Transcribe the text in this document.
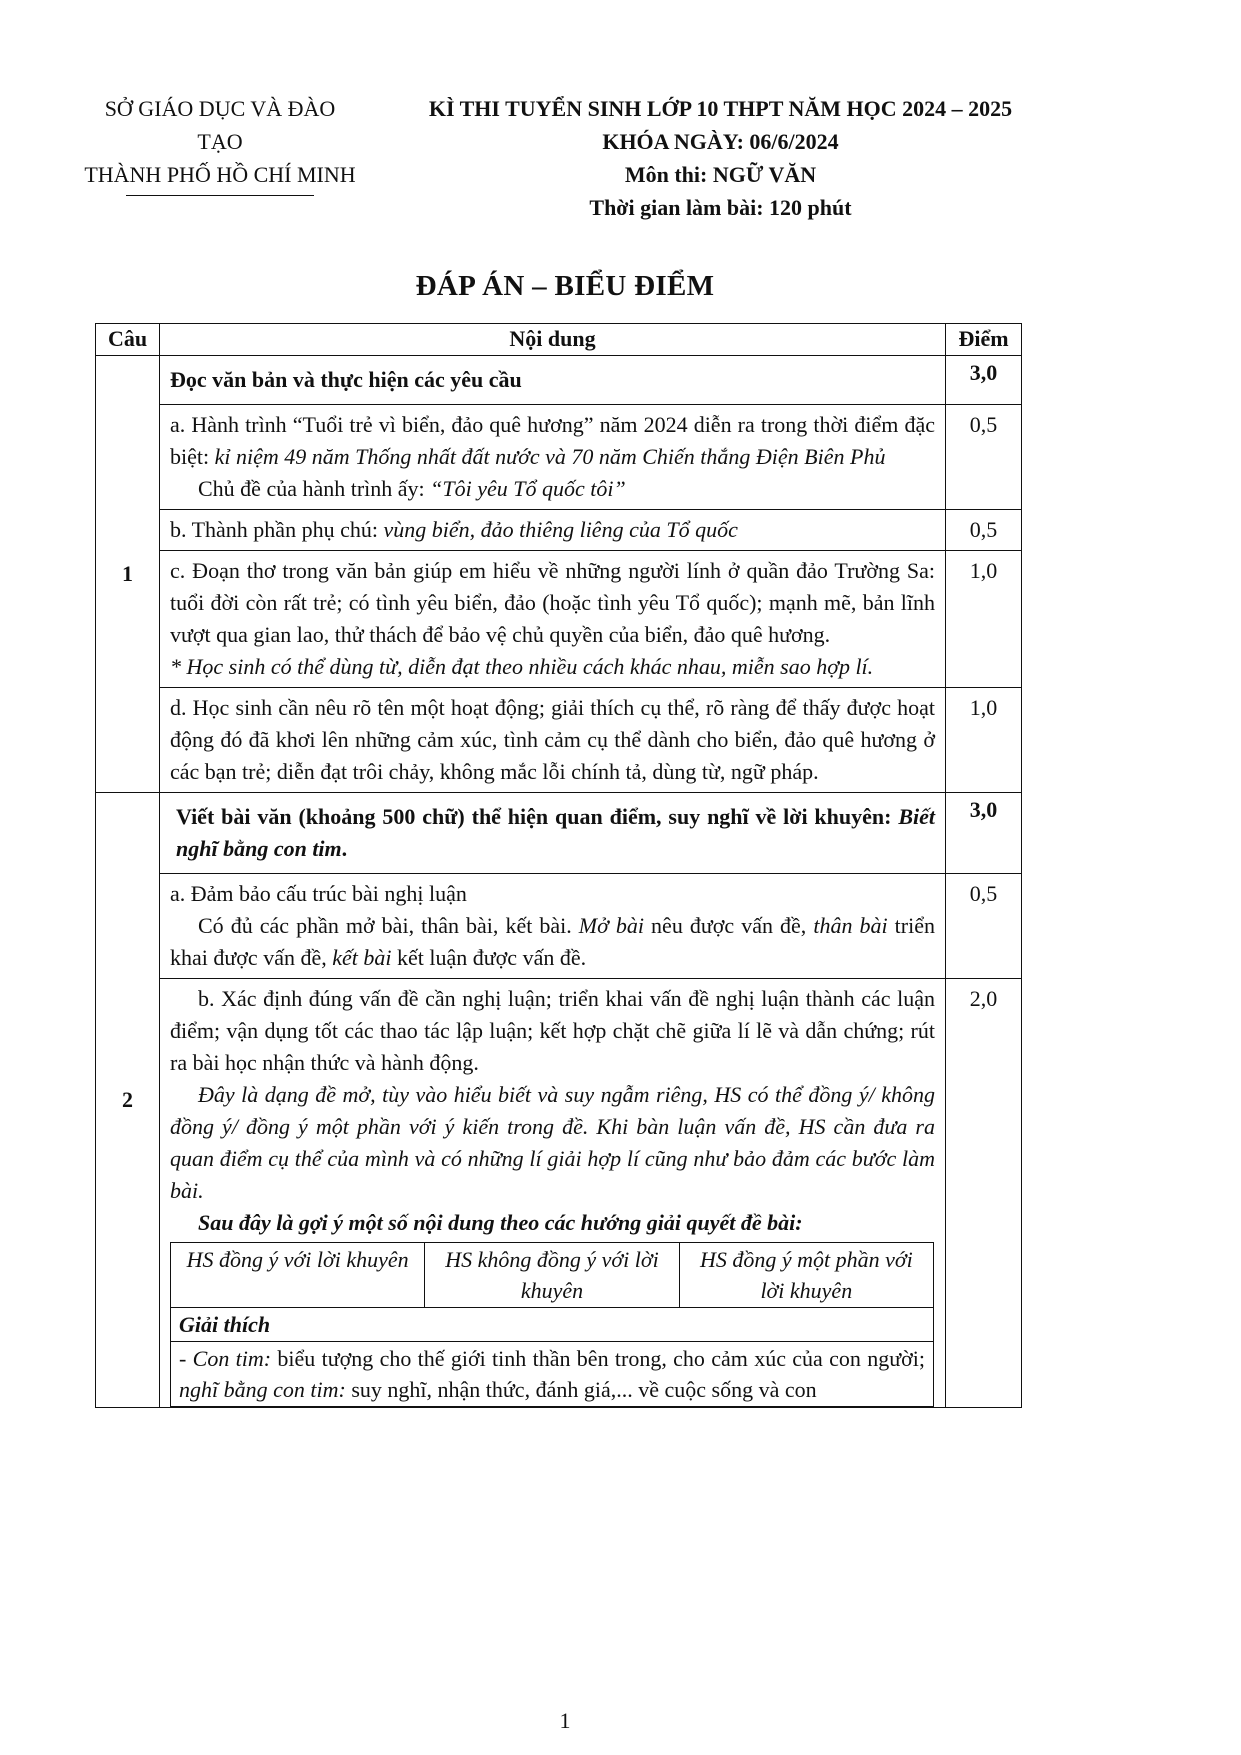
SỞ GIÁO DỤC VÀ ĐÀO TẠO
THÀNH PHỐ HỒ CHÍ MINH
KÌ THI TUYỂN SINH LỚP 10 THPT NĂM HỌC 2024 – 2025
KHÓA NGÀY: 06/6/2024
Môn thi: NGỮ VĂN
Thời gian làm bài: 120 phút
ĐÁP ÁN – BIỂU ĐIỂM
Câu	Nội dung	Điểm
1	Đọc văn bản và thực hiện các yêu cầu	3,0

a. Hành trình “Tuổi trẻ vì biển, đảo quê hương” năm 2024 diễn ra trong thời điểm đặc biệt: kỉ niệm 49 năm Thống nhất đất nước và 70 năm Chiến thắng Điện Biên Phủ
Chủ đề của hành trình ấy: “Tôi yêu Tổ quốc tôi”
	0,5
b. Thành phần phụ chú: vùng biển, đảo thiêng liêng của Tổ quốc	0,5

c. Đoạn thơ trong văn bản giúp em hiểu về những người lính ở quần đảo Trường Sa: tuổi đời còn rất trẻ; có tình yêu biển, đảo (hoặc tình yêu Tổ quốc); mạnh mẽ, bản lĩnh vượt qua gian lao, thử thách để bảo vệ chủ quyền của biển, đảo quê hương.
* Học sinh có thể dùng từ, diễn đạt theo nhiều cách khác nhau, miễn sao hợp lí.
	1,0
d. Học sinh cần nêu rõ tên một hoạt động; giải thích cụ thể, rõ ràng để thấy được hoạt động đó đã khơi lên những cảm xúc, tình cảm cụ thể dành cho biển, đảo quê hương ở các bạn trẻ; diễn đạt trôi chảy, không mắc lỗi chính tả, dùng từ, ngữ pháp.	1,0
2	Viết bài văn (khoảng 500 chữ) thể hiện quan điểm, suy nghĩ về lời khuyên: Biết nghĩ bằng con tim.	3,0

a. Đảm bảo cấu trúc bài nghị luận
Có đủ các phần mở bài, thân bài, kết bài. Mở bài nêu được vấn đề, thân bài triển khai được vấn đề, kết bài kết luận được vấn đề.
	0,5

b. Xác định đúng vấn đề cần nghị luận; triển khai vấn đề nghị luận thành các luận điểm; vận dụng tốt các thao tác lập luận; kết hợp chặt chẽ giữa lí lẽ và dẫn chứng; rút ra bài học nhận thức và hành động.
Đây là dạng đề mở, tùy vào hiểu biết và suy ngẫm riêng, HS có thể đồng ý/ không đồng ý/ đồng ý một phần với ý kiến trong đề. Khi bàn luận vấn đề, HS cần đưa ra quan điểm cụ thể của mình và có những lí giải hợp lí cũng như bảo đảm các bước làm bài.
Sau đây là gợi ý một số nội dung theo các hướng giải quyết đề bài:
HS đồng ý với lời khuyên	HS không đồng ý với lời khuyên	HS đồng ý một phần với lời khuyên
Giải thích
- Con tim: biểu tượng cho thế giới tinh thần bên trong, cho cảm xúc của con người; nghĩ bằng con tim: suy nghĩ, nhận thức, đánh giá,... về cuộc sống và con
	2,0
1
